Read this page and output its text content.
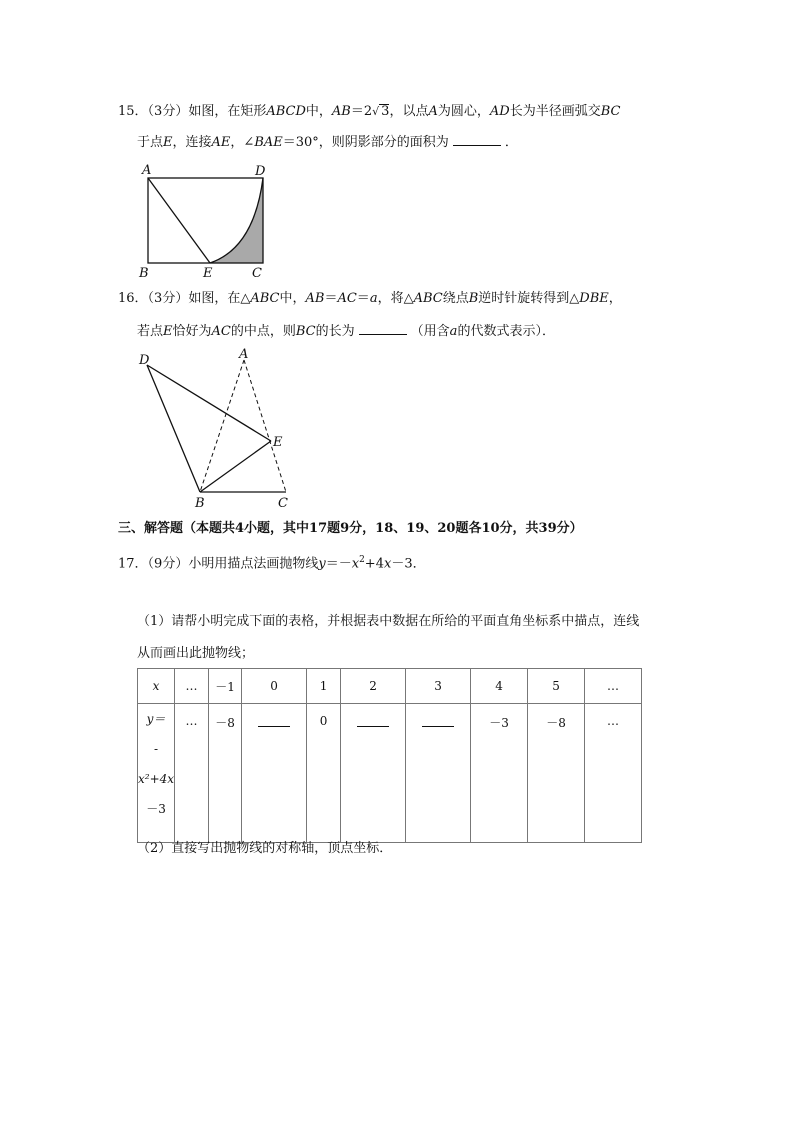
15．（3分）如图，在矩形ABCD中，AB＝2√ 3，以点A为圆心，AD长为半径画弧交BC
于点E，连接AE，∠BAE＝30°，则阴影部分的面积为	．
A	D
B	E	C
16．（3分）如图，在△ABC中，AB＝AC＝a，将△ABC绕点B逆时针旋转得到△DBE，
若点E恰好为AC的中点，则BC的长为	（用含a的代数式表示）．
D	A
E
B	C
三、解答题（本题共4小题，其中17题9分，18、19、20题各10分，共39分）
17．（9分）小明用描点法画抛物线$y=-x^2+4x-3$．
（1）请帮小明完成下面的表格，并根据表中数据在所给的平面直角坐标系中描点，连线
从而画出此抛物线；
x	…	－1	0	1	2	3	4	5	…

y＝
-
x²+4x
－3	…	－8		0			－3	－8	…
（2）直接写出抛物线的对称轴，顶点坐标．
